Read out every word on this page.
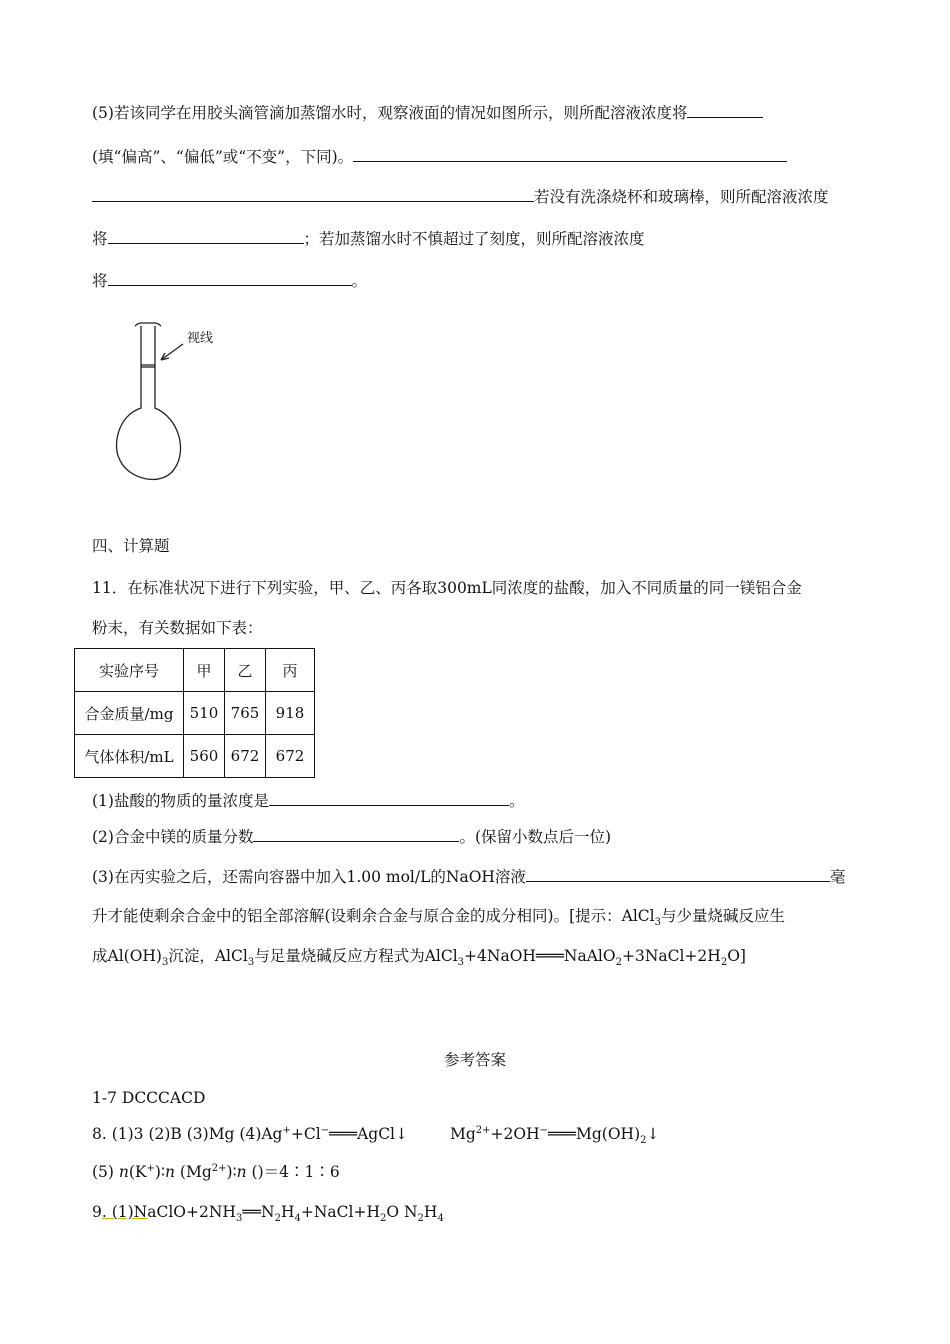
(5)若该同学在用胶头滴管滴加蒸馏水时，观察液面的情况如图所示，则所配溶液浓度将
(填“偏高”、“偏低”或“不变”，下同)。
若没有洗涤烧杯和玻璃棒，则所配溶液浓度
将	；若加蒸馏水时不慎超过了刻度，则所配溶液浓度
将	。
视线
四、计算题
11．在标准状况下进行下列实验，甲、乙、丙各取300mL同浓度的盐酸，加入不同质量的同一镁铝合金
粉末，有关数据如下表：
实验序号	甲	乙	丙
合金质量/mg	510	765	918
气体体积/mL	560	672	672
(1)盐酸的物质的量浓度是	。
(2)合金中镁的质量分数	。(保留小数点后一位)
(3)在丙实验之后，还需向容器中加入1.00 mol/L的NaOH溶液	毫
升才能使剩余合金中的铝全部溶解(设剩余合金与原合金的成分相同)。[提示：AlCl$_3$与少量烧碱反应生
成$Al(OH)_3$沉淀，AlCl$_3$与足量烧碱反应方程式为$AlCl_3+4NaOH═══NaAlO_2+3NaCl+2H_2O$]
参考答案
1-7 DCCCACD
8. (1)3 (2)B (3)Mg (4)Ag++Cl−═══AgCl↓	$Mg^{2+}+2OH^-═══Mg(OH)_2↓$
(5) n(K+)∶n $(Mg^{2+})∶n$ ()＝4∶1∶6
9. $(1)NaClO+2NH_3══N_2H_4+NaCl+H_2O$ $N_2H_4$
